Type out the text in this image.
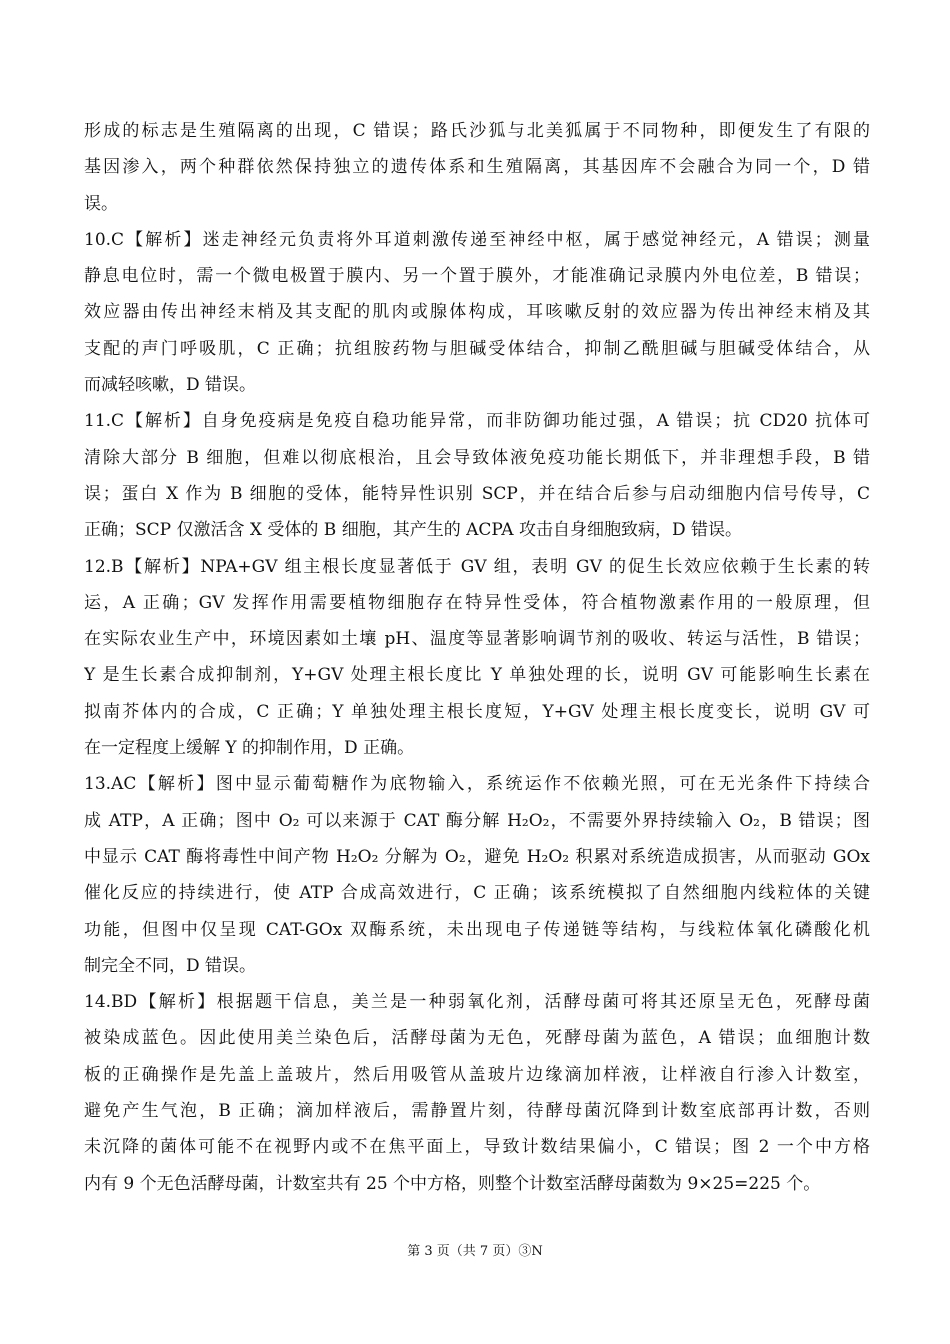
形成的标志是生殖隔离的出现，C 错误；路氏沙狐与北美狐属于不同物种，即便发生了有限的
基因渗入，两个种群依然保持独立的遗传体系和生殖隔离，其基因库不会融合为同一个，D 错
误。
10.C【解析】迷走神经元负责将外耳道刺激传递至神经中枢，属于感觉神经元，A 错误；测量
静息电位时，需一个微电极置于膜内、另一个置于膜外，才能准确记录膜内外电位差，B 错误；
效应器由传出神经末梢及其支配的肌肉或腺体构成，耳咳嗽反射的效应器为传出神经末梢及其
支配的声门呼吸肌，C 正确；抗组胺药物与胆碱受体结合，抑制乙酰胆碱与胆碱受体结合，从
而减轻咳嗽，D 错误。
11.C【解析】自身免疫病是免疫自稳功能异常，而非防御功能过强，A 错误；抗 CD20 抗体可
清除大部分 B 细胞，但难以彻底根治，且会导致体液免疫功能长期低下，并非理想手段，B 错
误；蛋白 X 作为 B 细胞的受体，能特异性识别 SCP，并在结合后参与启动细胞内信号传导，C
正确；SCP 仅激活含 X 受体的 B 细胞，其产生的 ACPA 攻击自身细胞致病，D 错误。
12.B【解析】NPA+GV 组主根长度显著低于 GV 组，表明 GV 的促生长效应依赖于生长素的转
运，A 正确；GV 发挥作用需要植物细胞存在特异性受体，符合植物激素作用的一般原理，但
在实际农业生产中，环境因素如土壤 pH、温度等显著影响调节剂的吸收、转运与活性，B 错误；
Y 是生长素合成抑制剂，Y+GV 处理主根长度比 Y 单独处理的长，说明 GV 可能影响生长素在
拟南芥体内的合成，C 正确；Y 单独处理主根长度短，Y+GV 处理主根长度变长，说明 GV 可
在一定程度上缓解 Y 的抑制作用，D 正确。
13.AC【解析】图中显示葡萄糖作为底物输入，系统运作不依赖光照，可在无光条件下持续合
成 ATP，A 正确；图中 O₂ 可以来源于 CAT 酶分解 H₂O₂，不需要外界持续输入 O₂，B 错误；图
中显示 CAT 酶将毒性中间产物 H₂O₂ 分解为 O₂，避免 H₂O₂ 积累对系统造成损害，从而驱动 GOx
催化反应的持续进行，使 ATP 合成高效进行，C 正确；该系统模拟了自然细胞内线粒体的关键
功能，但图中仅呈现 CAT-GOx 双酶系统，未出现电子传递链等结构，与线粒体氧化磷酸化机
制完全不同，D 错误。
14.BD【解析】根据题干信息，美兰是一种弱氧化剂，活酵母菌可将其还原呈无色，死酵母菌
被染成蓝色。因此使用美兰染色后，活酵母菌为无色，死酵母菌为蓝色，A 错误；血细胞计数
板的正确操作是先盖上盖玻片，然后用吸管从盖玻片边缘滴加样液，让样液自行渗入计数室，
避免产生气泡，B 正确；滴加样液后，需静置片刻，待酵母菌沉降到计数室底部再计数，否则
未沉降的菌体可能不在视野内或不在焦平面上，导致计数结果偏小，C 错误；图 2 一个中方格
内有 9 个无色活酵母菌，计数室共有 25 个中方格，则整个计数室活酵母菌数为 9×25=225 个。
第 3 页（共 7 页）③N
